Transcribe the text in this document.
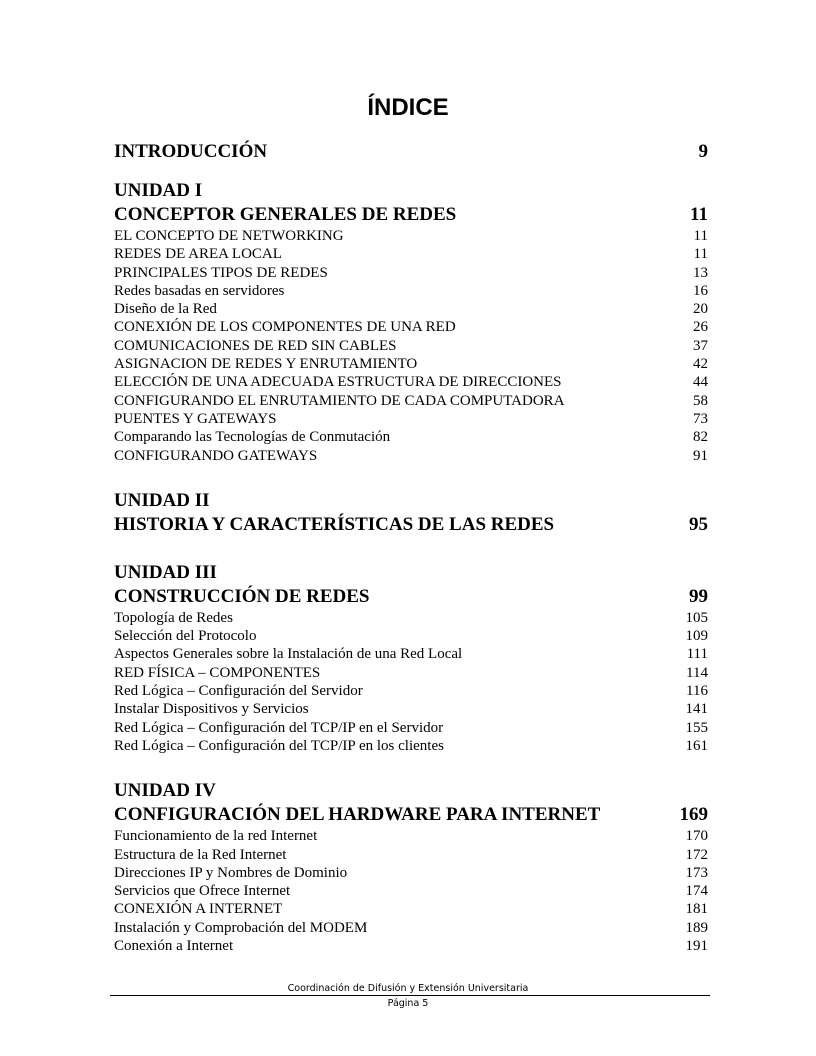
ÍNDICE
INTRODUCCIÓN	9
UNIDAD I
CONCEPTOR GENERALES DE REDES	11
EL CONCEPTO DE NETWORKING	11
REDES DE AREA LOCAL	11
PRINCIPALES TIPOS DE REDES	13
Redes basadas en servidores	16
Diseño de la Red	20
CONEXIÓN DE LOS COMPONENTES DE UNA RED	26
COMUNICACIONES DE RED SIN CABLES	37
ASIGNACION DE REDES Y ENRUTAMIENTO	42
ELECCIÓN DE UNA ADECUADA ESTRUCTURA DE DIRECCIONES	44
CONFIGURANDO EL ENRUTAMIENTO DE CADA COMPUTADORA	58
PUENTES Y GATEWAYS	73
Comparando las Tecnologías de Conmutación	82
CONFIGURANDO GATEWAYS	91
UNIDAD II
HISTORIA Y CARACTERÍSTICAS DE LAS REDES	95
UNIDAD III
CONSTRUCCIÓN DE REDES	99
Topología de Redes	105
Selección del Protocolo	109
Aspectos Generales sobre la Instalación de una Red Local	111
RED FÍSICA – COMPONENTES	114
Red Lógica – Configuración del Servidor	116
Instalar Dispositivos y Servicios	141
Red Lógica – Configuración del TCP/IP en el Servidor	155
Red Lógica – Configuración del TCP/IP en los clientes	161
UNIDAD IV
CONFIGURACIÓN DEL HARDWARE PARA INTERNET	169
Funcionamiento de la red Internet	170
Estructura de la Red Internet	172
Direcciones IP y Nombres de Dominio	173
Servicios que Ofrece Internet	174
CONEXIÓN A INTERNET	181
Instalación y Comprobación del MODEM	189
Conexión a Internet	191
Coordinación de Difusión y Extensión Universitaria
Página 5
